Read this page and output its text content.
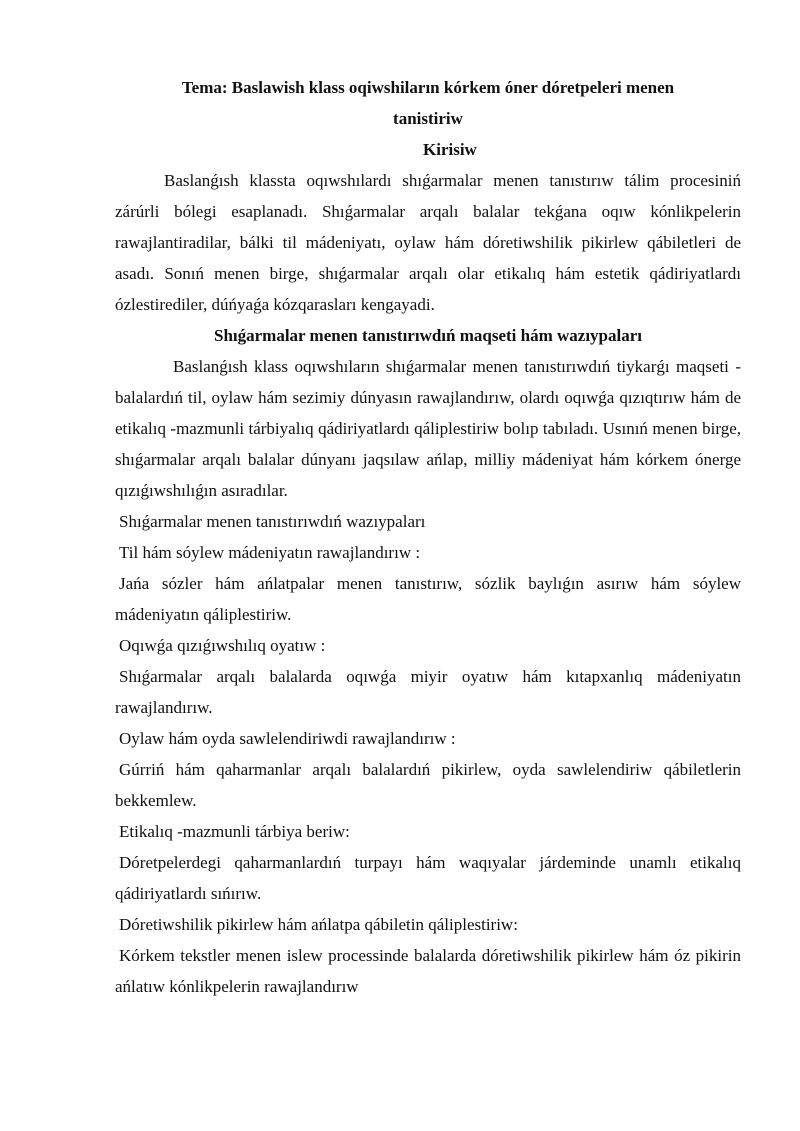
Tema: Baslawish klass oqiwshiların kórkem óner dóretpeleri menen tanistiriw
Kirisiw

Baslanǵısh klassta oqıwshılardı shıǵarmalar menen tanıstırıw tálim procesiniń zárúrli bólegi esaplanadı. Shıǵarmalar arqalı balalar tekǵana oqıw kónlikpelerin rawajlantiradilar, bálki til mádeniyatı, oylaw hám dóretiwshilik pikirlew qábiletleri de asadı. Sonıń menen birge, shıǵarmalar arqalı olar etikalıq hám estetik qádiriyatlardı ózlestirediler, dúńyaǵa kózqarasları kengayadi.

Shıǵarmalar menen tanıstırıwdıń maqseti hám wazıypaları

Baslanǵısh klass oqıwshıların shıǵarmalar menen tanıstırıwdıń tiykarǵı maqseti - balalardıń til, oylaw hám sezimiy dúnyasın rawajlandırıw, olardı oqıwǵa qızıqtırıw hám de etikalıq -mazmunli tárbiyalıq qádiriyatlardı qáliplestiriw bolıp tabıladı. Usınıń menen birge, shıǵarmalar arqalı balalar dúnyanı jaqsılaw ańlap, milliy mádeniyat hám kórkem ónerge qızıǵıwshılıǵın asıradılar.

Shıǵarmalar menen tanıstırıwdıń wazıypaları

Til hám sóylew mádeniyatın rawajlandırıw :

Jańa sózler hám ańlatpalar menen tanıstırıw, sózlik baylıǵın asırıw hám sóylew mádeniyatın qáliplestiriw.

Oqıwǵa qızıǵıwshılıq oyatıw :

Shıǵarmalar arqalı balalarda oqıwǵa miyir oyatıw hám kıtapxanlıq mádeniyatın rawajlandırıw.

Oylaw hám oyda sawlelendiriwdi rawajlandırıw :

Gúrriń hám qaharmanlar arqalı balalardıń pikirlew, oyda sawlelendiriw qábiletlerin bekkemlew.

Etikalıq -mazmunli tárbiya beriw:

Dóretpelerdegi qaharmanlardıń turpayı hám waqıyalar járdeminde unamlı etikalıq qádiriyatlardı sıńırıw.

Dóretiwshilik pikirlew hám ańlatpa qábiletin qáliplestiriw:

Kórkem tekstler menen islew processinde balalarda dóretiwshilik pikirlew hám óz pikirin ańlatıw kónlikpelerin rawajlandırıw
